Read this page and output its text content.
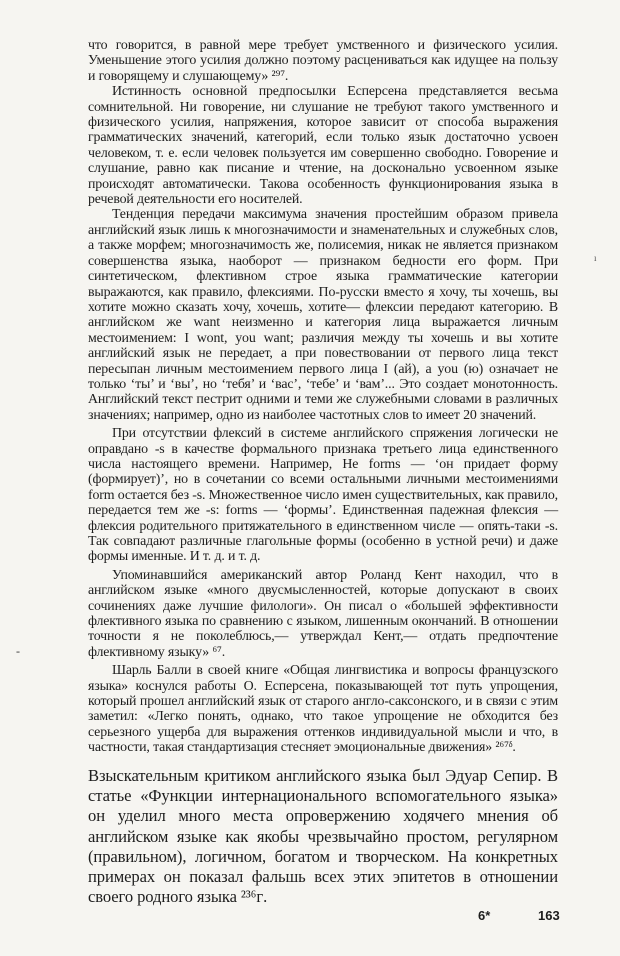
что говорится, в равной мере требует умственного и физического усилия. Уменьшение этого усилия должно поэтому расцениваться как идущее на пользу и говорящему и слушающему» ²⁹⁷.

Истинность основной предпосылки Есперсена представляется весьма сомнительной. Ни говорение, ни слушание не требуют такого умственного и физического усилия, напряжения, которое зависит от способа выражения грамматических значений, категорий, если только язык достаточно усвоен человеком, т. е. если человек пользуется им совершенно свободно. Говорение и слушание, равно как писание и чтение, на досконально усвоенном языке происходят автоматически. Такова особенность функционирования языка в речевой деятельности его носителей.

Тенденция передачи максимума значения простейшим образом привела английский язык лишь к многозначимости и знаменательных и служебных слов, а также морфем; многозначимость же, полисемия, никак не является признаком совершенства языка, наоборот — признаком бедности его форм. При синтетическом, флективном строе языка грамматические категории выражаются, как правило, флексиями. По-русски вместо я хочу, ты хочешь, вы хотите можно сказать хочу, хочешь, хотите— флексии передают категорию. В английском же want неизменно и категория лица выражается личным местоимением: I wont, you want; различия между ты хочешь и вы хотите английский язык не передает, а при повествовании от первого лица текст пересыпан личным местоимением первого лица I (ай), а you (ю) означает не только ‘ты’ и ‘вы’, но ‘тебя’ и ‘вас’, ‘тебе’ и ‘вам’... Это создает монотонность. Английский текст пестрит одними и теми же служебными словами в различных значениях; например, одно из наиболее частотных слов to имеет 20 значений.

При отсутствии флексий в системе английского спряжения логически не оправдано -s в качестве формального признака третьего лица единственного числа настоящего времени. Например, He forms — ‘он придает форму (формирует)’, но в сочетании со всеми остальными личными местоимениями form остается без -s. Множественное число имен существительных, как правило, передается тем же -s: forms — ‘формы’. Единственная падежная флексия — флексия родительного притяжательного в единственном числе — опять-таки -s. Так совпадают различные глагольные формы (особенно в устной речи) и даже формы именные. И т. д. и т. д.

Упоминавшийся американский автор Роланд Кент находил, что в английском языке «много двусмысленностей, которые допускают в своих сочинениях даже лучшие филологи». Он писал о «большей эффективности флективного языка по сравнению с языком, лишенным окончаний. В отношении точности я не поколеблюсь,— утверждал Кент,— отдать предпочтение флективному языку» ⁶⁷.

Шарль Балли в своей книге «Общая лингвистика и вопросы французского языка» коснулся работы О. Есперсена, показывающей тот путь упрощения, который прошел английский язык от старого англо-саксонского, и в связи с этим заметил: «Легко понять, однако, что такое упрощение не обходится без серьезного ущерба для выражения оттенков индивидуальной мысли и что, в частности, такая стандартизация стесняет эмоциональные движения» ²⁶⁷ᵟ.

Взыскательным критиком английского языка был Эдуар Сепир. В статье «Функции интернационального вспомогательного языка» он уделил много места опровержению ходячего мнения об английском языке как якобы чрезвычайно простом, регулярном (правильном), логичном, богатом и творческом. На конкретных примерах он показал фальшь всех этих эпитетов в отношении своего родного языка ²³⁶ᴦ.

6*	163
‐
ı
